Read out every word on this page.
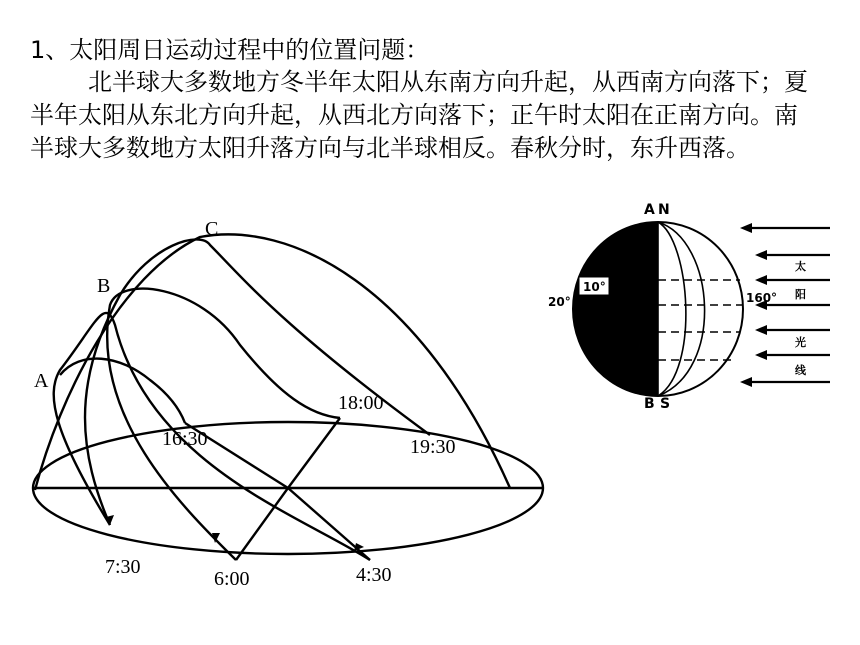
1、太阳周日运动过程中的位置问题：

北半球大多数地方冬半年太阳从东南方向升起，从西南方向落下；夏半年太阳从东北方向升起，从西北方向落下；正午时太阳在正南方向。南半球大多数地方太阳升落方向与北半球相反。春秋分时，东升西落。

A
B
C
16:30
18:00
19:30
7:30
6:00	4:30
A N
B S
20°
10°
160°
太
阳
光
线
